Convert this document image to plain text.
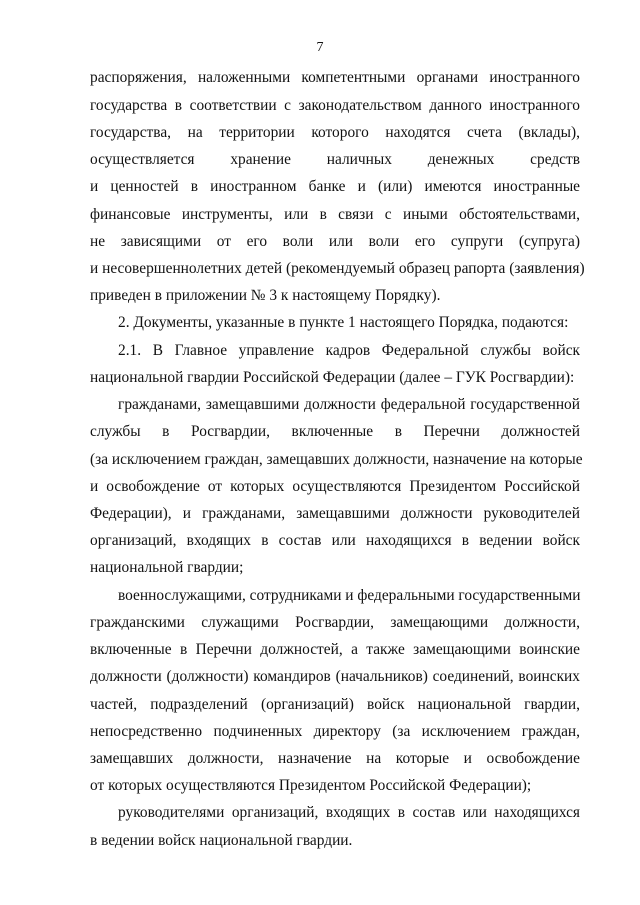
7
распоряжения, наложенными компетентными органами иностранного
государства в соответствии с законодательством данного иностранного
государства, на территории которого находятся счета (вклады),
осуществляется хранение наличных денежных средств
и ценностей в иностранном банке и (или) имеются иностранные
финансовые инструменты, или в связи с иными обстоятельствами,
не зависящими от его воли или воли его супруги (супруга)
и несовершеннолетних детей (рекомендуемый образец рапорта (заявления)
приведен в приложении № 3 к настоящему Порядку).
2. Документы, указанные в пункте 1 настоящего Порядка, подаются:
2.1. В Главное управление кадров Федеральной службы войск
национальной гвардии Российской Федерации (далее – ГУК Росгвардии):
гражданами, замещавшими должности федеральной государственной
службы в Росгвардии, включенные в Перечни должностей
(за исключением граждан, замещавших должности, назначение на которые
и освобождение от которых осуществляются Президентом Российской
Федерации), и гражданами, замещавшими должности руководителей
организаций, входящих в состав или находящихся в ведении войск
национальной гвардии;
военнослужащими, сотрудниками и федеральными государственными
гражданскими служащими Росгвардии, замещающими должности,
включенные в Перечни должностей, а также замещающими воинские
должности (должности) командиров (начальников) соединений, воинских
частей, подразделений (организаций) войск национальной гвардии,
непосредственно подчиненных директору (за исключением граждан,
замещавших должности, назначение на которые и освобождение
от которых осуществляются Президентом Российской Федерации);
руководителями организаций, входящих в состав или находящихся
в ведении войск национальной гвардии.
